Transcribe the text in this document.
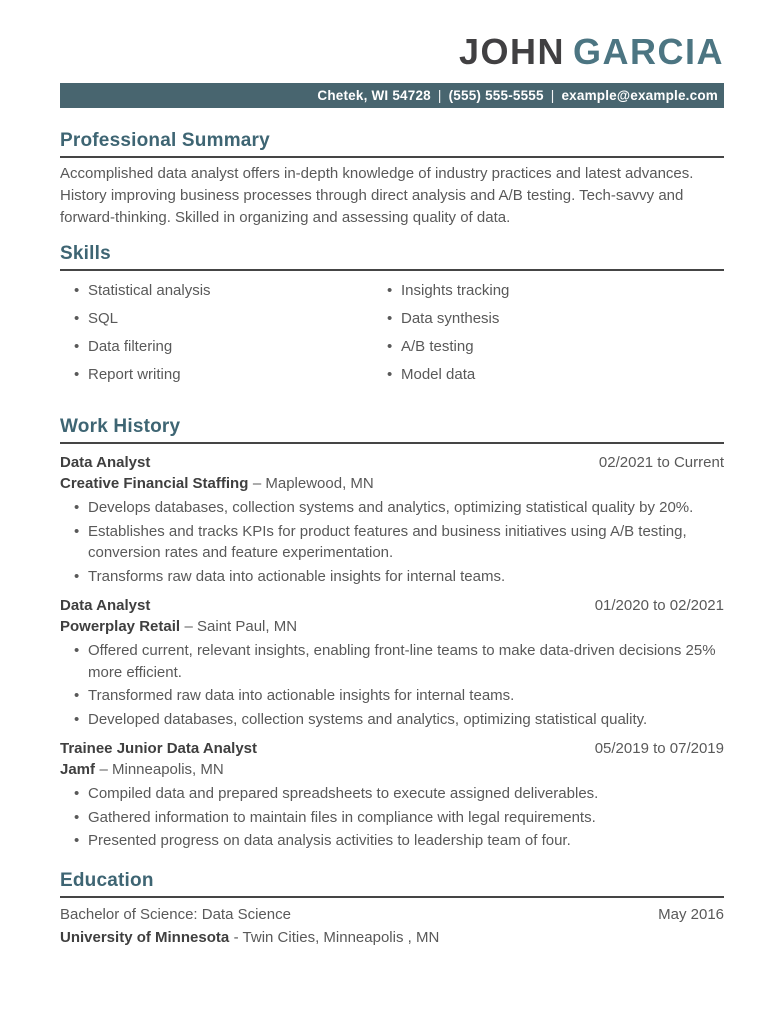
JOHN GARCIA
Chetek, WI 54728 | (555) 555-5555 | example@example.com
Professional Summary
Accomplished data analyst offers in-depth knowledge of industry practices and latest advances. History improving business processes through direct analysis and A/B testing. Tech-savvy and forward-thinking. Skilled in organizing and assessing quality of data.
Skills
• Statistical analysis
• SQL
• Data filtering
• Report writing
• Insights tracking
• Data synthesis
• A/B testing
• Model data
Work History
Data Analyst	02/2021 to Current
Creative Financial Staffing – Maplewood, MN
• Develops databases, collection systems and analytics, optimizing statistical quality by 20%.
• Establishes and tracks KPIs for product features and business initiatives using A/B testing, conversion rates and feature experimentation.
• Transforms raw data into actionable insights for internal teams.
Data Analyst	01/2020 to 02/2021
Powerplay Retail – Saint Paul, MN
• Offered current, relevant insights, enabling front-line teams to make data-driven decisions 25% more efficient.
• Transformed raw data into actionable insights for internal teams.
• Developed databases, collection systems and analytics, optimizing statistical quality.
Trainee Junior Data Analyst	05/2019 to 07/2019
Jamf – Minneapolis, MN
• Compiled data and prepared spreadsheets to execute assigned deliverables.
• Gathered information to maintain files in compliance with legal requirements.
• Presented progress on data analysis activities to leadership team of four.
Education
Bachelor of Science: Data Science	May 2016
University of Minnesota - Twin Cities, Minneapolis , MN
